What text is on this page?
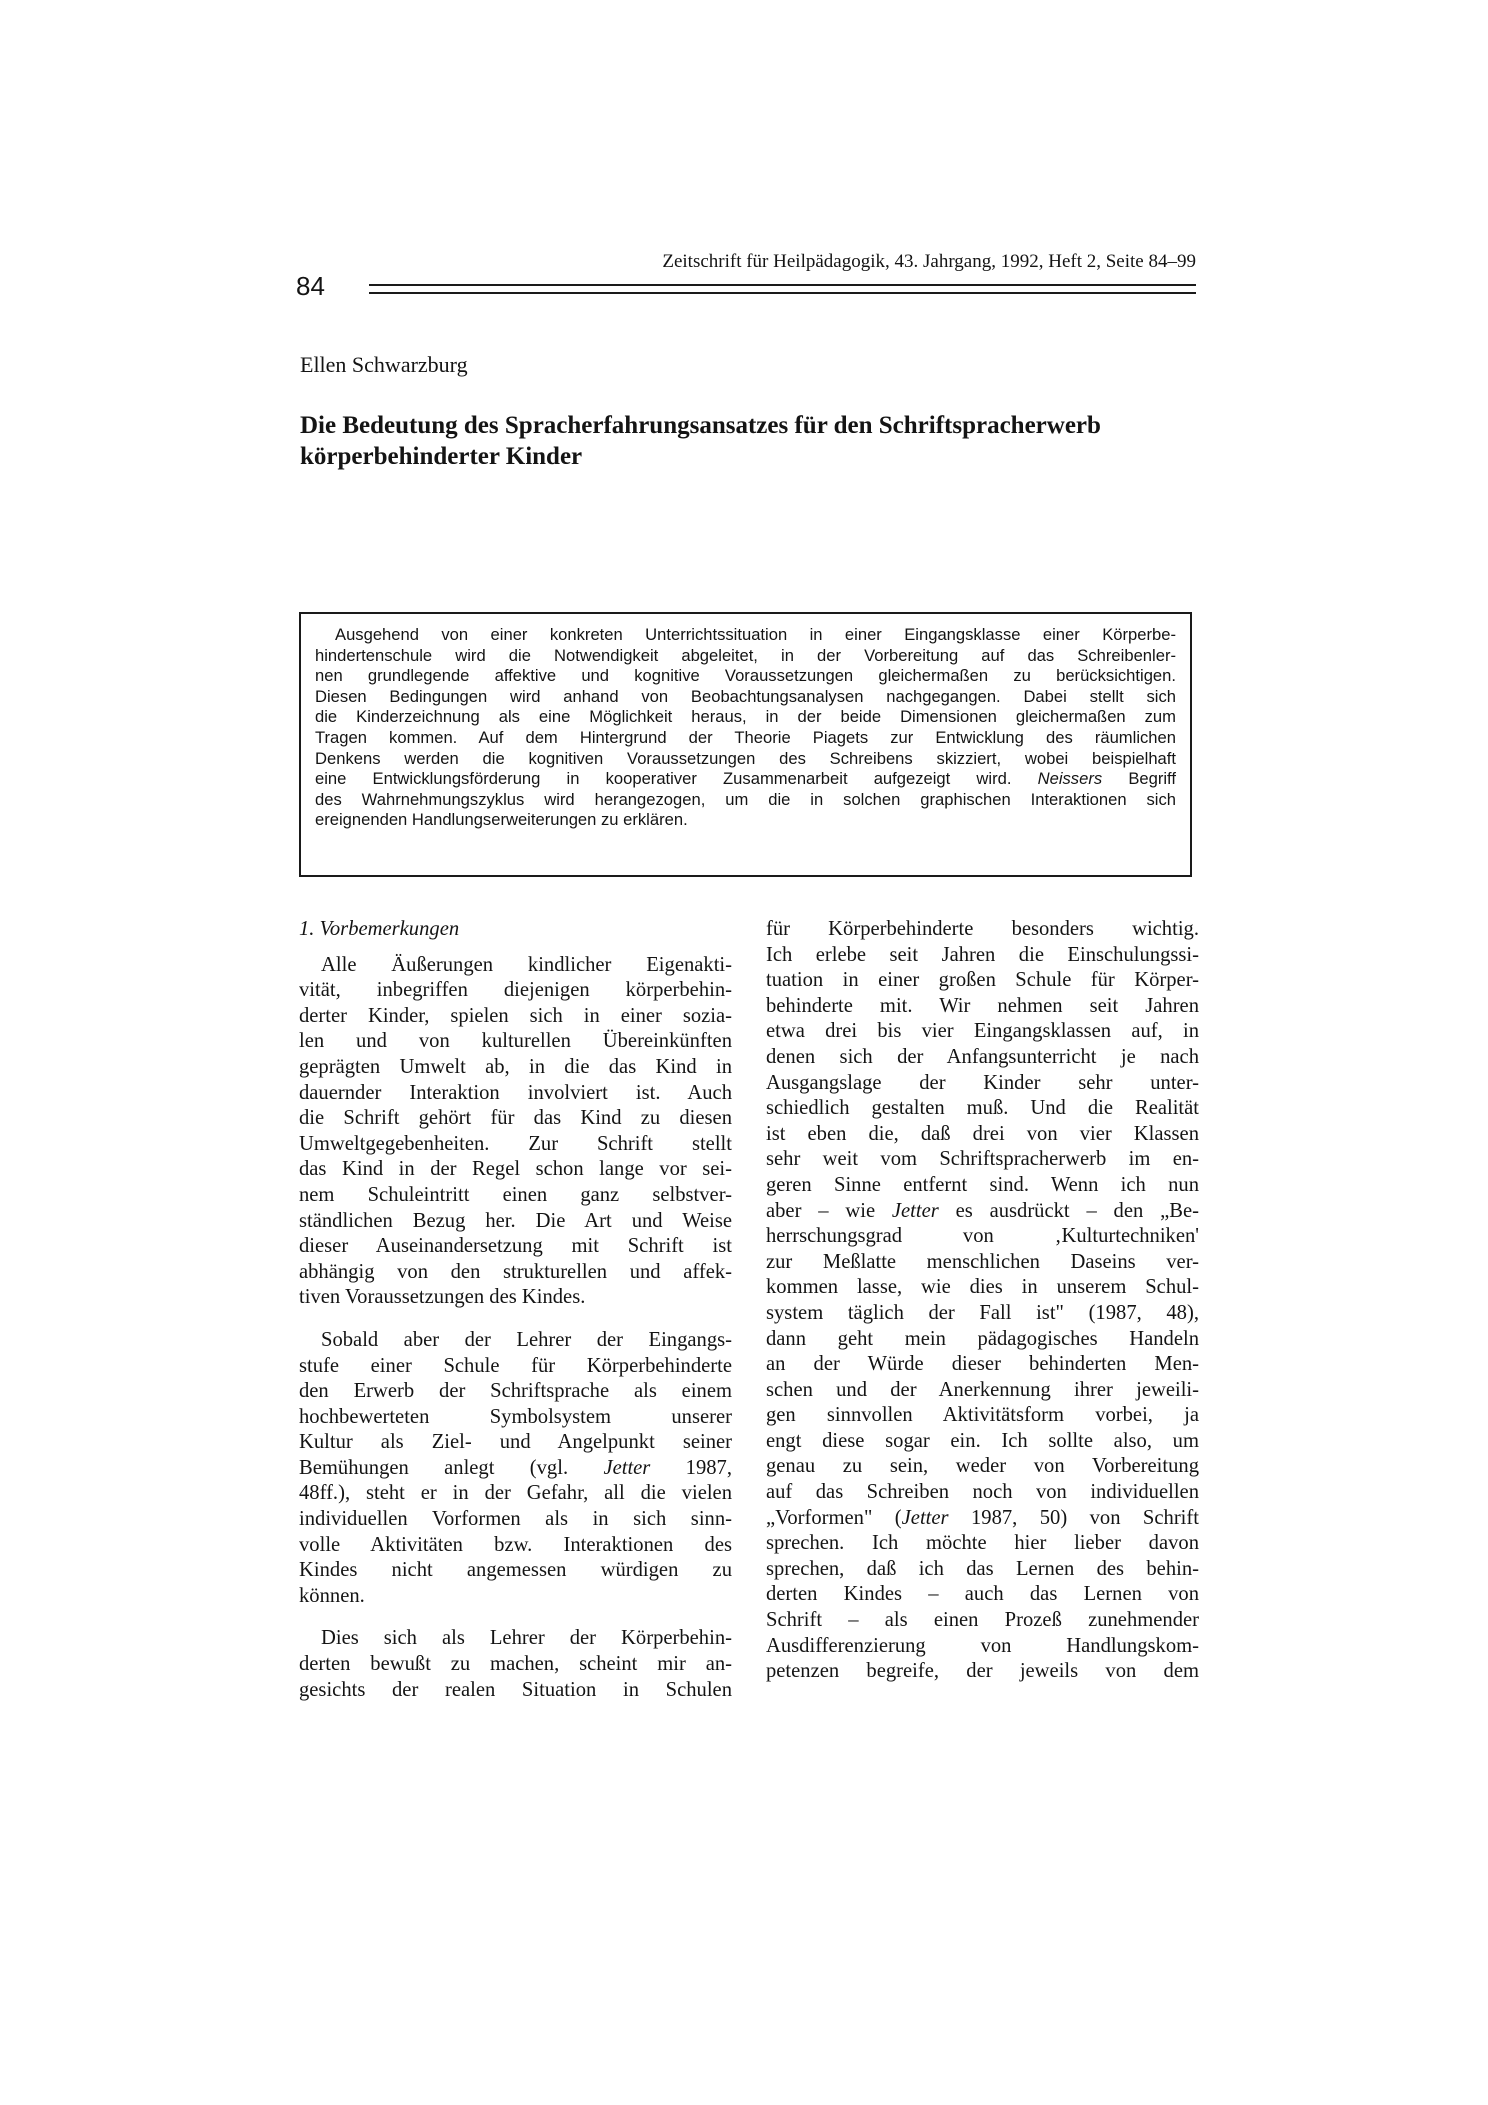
Zeitschrift für Heilpädagogik, 43. Jahrgang, 1992, Heft 2, Seite 84–99
84
Ellen Schwarzburg
Die Bedeutung des Spracherfahrungsansatzes für den Schriftspracherwerb
körperbehinderter Kinder
Ausgehend von einer konkreten Unterrichtssituation in einer Eingangsklasse einer Körperbe-
hindertenschule wird die Notwendigkeit abgeleitet, in der Vorbereitung auf das Schreibenler-
nen grundlegende affektive und kognitive Voraussetzungen gleichermaßen zu berücksichtigen.
Diesen Bedingungen wird anhand von Beobachtungsanalysen nachgegangen. Dabei stellt sich
die Kinderzeichnung als eine Möglichkeit heraus, in der beide Dimensionen gleichermaßen zum
Tragen kommen. Auf dem Hintergrund der Theorie Piagets zur Entwicklung des räumlichen
Denkens werden die kognitiven Voraussetzungen des Schreibens skizziert, wobei beispielhaft
eine Entwicklungsförderung in kooperativer Zusammenarbeit aufgezeigt wird. Neissers Begriff
des Wahrnehmungszyklus wird herangezogen, um die in solchen graphischen Interaktionen sich
ereignenden Handlungserweiterungen zu erklären.
1. Vorbemerkungen
Alle Äußerungen kindlicher Eigenakti-
vität, inbegriffen diejenigen körperbehin-
derter Kinder, spielen sich in einer sozia-
len und von kulturellen Übereinkünften
geprägten Umwelt ab, in die das Kind in
dauernder Interaktion involviert ist. Auch
die Schrift gehört für das Kind zu diesen
Umweltgegebenheiten. Zur Schrift stellt
das Kind in der Regel schon lange vor sei-
nem Schuleintritt einen ganz selbstver-
ständlichen Bezug her. Die Art und Weise
dieser Auseinandersetzung mit Schrift ist
abhängig von den strukturellen und affek-
tiven Voraussetzungen des Kindes.
Sobald aber der Lehrer der Eingangs-
stufe einer Schule für Körperbehinderte
den Erwerb der Schriftsprache als einem
hochbewerteten Symbolsystem unserer
Kultur als Ziel- und Angelpunkt seiner
Bemühungen anlegt (vgl. Jetter 1987,
48ff.), steht er in der Gefahr, all die vielen
individuellen Vorformen als in sich sinn-
volle Aktivitäten bzw. Interaktionen des
Kindes nicht angemessen würdigen zu
können.
Dies sich als Lehrer der Körperbehin-
derten bewußt zu machen, scheint mir an-
gesichts der realen Situation in Schulen
für Körperbehinderte besonders wichtig.
Ich erlebe seit Jahren die Einschulungssi-
tuation in einer großen Schule für Körper-
behinderte mit. Wir nehmen seit Jahren
etwa drei bis vier Eingangsklassen auf, in
denen sich der Anfangsunterricht je nach
Ausgangslage der Kinder sehr unter-
schiedlich gestalten muß. Und die Realität
ist eben die, daß drei von vier Klassen
sehr weit vom Schriftspracherwerb im en-
geren Sinne entfernt sind. Wenn ich nun
aber – wie Jetter es ausdrückt – den „Be-
herrschungsgrad von ‚Kulturtechniken'
zur Meßlatte menschlichen Daseins ver-
kommen lasse, wie dies in unserem Schul-
system täglich der Fall ist" (1987, 48),
dann geht mein pädagogisches Handeln
an der Würde dieser behinderten Men-
schen und der Anerkennung ihrer jeweili-
gen sinnvollen Aktivitätsform vorbei, ja
engt diese sogar ein. Ich sollte also, um
genau zu sein, weder von Vorbereitung
auf das Schreiben noch von individuellen
„Vorformen" (Jetter 1987, 50) von Schrift
sprechen. Ich möchte hier lieber davon
sprechen, daß ich das Lernen des behin-
derten Kindes – auch das Lernen von
Schrift – als einen Prozeß zunehmender
Ausdifferenzierung von Handlungskom-
petenzen begreife, der jeweils von dem
